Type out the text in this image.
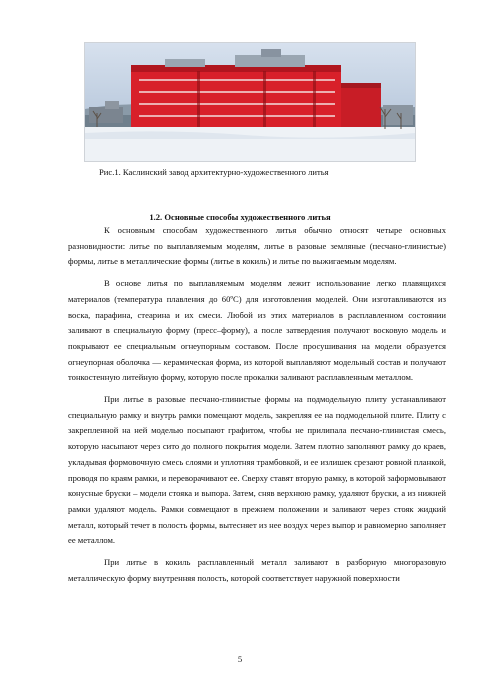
Рис.1. Каслинский завод архитектурно-художественного литья
1.2. Основные способы художественного литья

К основным способам художественного литья обычно относят четыре основных разновидности: литье по выплавляемым моделям, литье в разовые земляные (песчано-глинистые) формы, литье в металлические формы (литье в кокиль) и литье по выжигаемым моделям.

В основе литья по выплавляемым моделям лежит использование легко плавящихся материалов (температура плавления до 60ºС) для изготовления моделей. Они изготавливаются из воска, парафина, стеарина и их смеси. Любой из этих материалов в расплавленном состоянии заливают в специальную форму (пресс–форму), а после затвердения получают восковую модель и покрывают ее специальным огнеупорным составом. После просушивания на модели образуется огнеупорная оболочка — керамическая форма, из которой выплавляют модельный состав и получают тонкостенную литейную форму, которую после прокалки заливают расплавленным металлом.

При литье в разовые песчано-глинистые формы на подмодельную плиту устанавливают специальную рамку и внутрь рамки помещают модель, закрепляя ее на подмодельной плите. Плиту с закрепленной на ней моделью посыпают графитом, чтобы не прилипала песчано-глинистая смесь, которую насыпают через сито до полного покрытия модели. Затем плотно заполняют рамку до краев, укладывая формовочную смесь слоями и уплотняя трамбовкой, и ее излишек срезают ровной планкой, проводя по краям рамки, и переворачивают ее. Сверху ставят вторую рамку, в которой заформовывают конусные бруски – модели стояка и выпора. Затем, сняв верхнюю рамку, удаляют бруски, а из нижней рамки удаляют модель. Рамки совмещают в прежнем положении и заливают через стояк жидкий металл, который течет в полость формы, вытесняет из нее воздух через выпор и равномерно заполняет ее металлом.

При литье в кокиль расплавленный металл заливают в разборную многоразовую металлическую форму внутренняя полость, которой соответствует наружной поверхности

5
